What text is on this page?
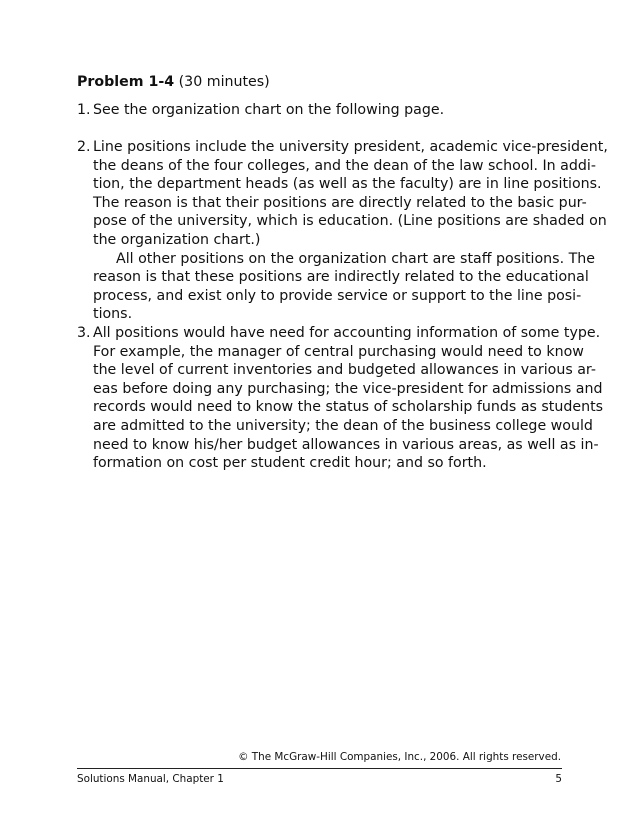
Problem 1-4 (30 minutes)
1. See the organization chart on the following page.
2. Line positions include the university president, academic vice-president,
the deans of the four colleges, and the dean of the law school. In addi-
tion, the department heads (as well as the faculty) are in line positions.
The reason is that their positions are directly related to the basic pur-
pose of the university, which is education. (Line positions are shaded on
the organization chart.)
All other positions on the organization chart are staff positions. The
reason is that these positions are indirectly related to the educational
process, and exist only to provide service or support to the line posi-
tions.
3. All positions would have need for accounting information of some type.
For example, the manager of central purchasing would need to know
the level of current inventories and budgeted allowances in various ar-
eas before doing any purchasing; the vice-president for admissions and
records would need to know the status of scholarship funds as students
are admitted to the university; the dean of the business college would
need to know his/her budget allowances in various areas, as well as in-
formation on cost per student credit hour; and so forth.
© The McGraw-Hill Companies, Inc., 2006. All rights reserved.
Solutions Manual, Chapter 1	5
